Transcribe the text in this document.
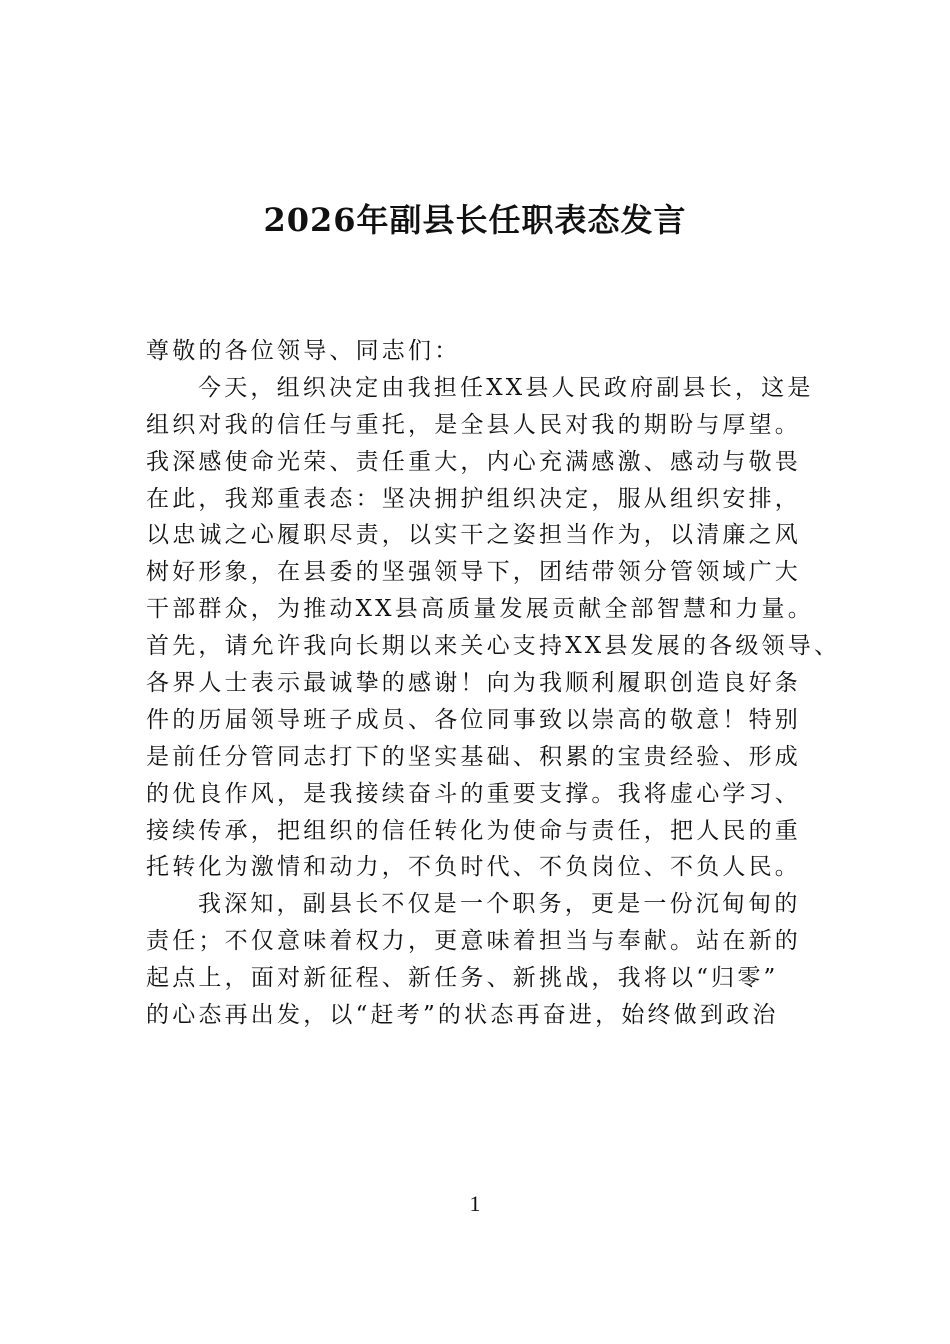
2026年副县长任职表态发言
尊敬的各位领导、同志们：
今天，组织决定由我担任XX县人民政府副县长，这是
组织对我的信任与重托，是全县人民对我的期盼与厚望。
我深感使命光荣、责任重大，内心充满感激、感动与敬畏
在此，我郑重表态：坚决拥护组织决定，服从组织安排，
以忠诚之心履职尽责，以实干之姿担当作为，以清廉之风
树好形象，在县委的坚强领导下，团结带领分管领域广大
干部群众，为推动XX县高质量发展贡献全部智慧和力量。
首先，请允许我向长期以来关心支持XX县发展的各级领导、
各界人士表示最诚挚的感谢！向为我顺利履职创造良好条
件的历届领导班子成员、各位同事致以崇高的敬意！特别
是前任分管同志打下的坚实基础、积累的宝贵经验、形成
的优良作风，是我接续奋斗的重要支撑。我将虚心学习、
接续传承，把组织的信任转化为使命与责任，把人民的重
托转化为激情和动力，不负时代、不负岗位、不负人民。
我深知，副县长不仅是一个职务，更是一份沉甸甸的
责任；不仅意味着权力，更意味着担当与奉献。站在新的
起点上，面对新征程、新任务、新挑战，我将以“归零”
的心态再出发，以“赶考”的状态再奋进，始终做到政治
1
